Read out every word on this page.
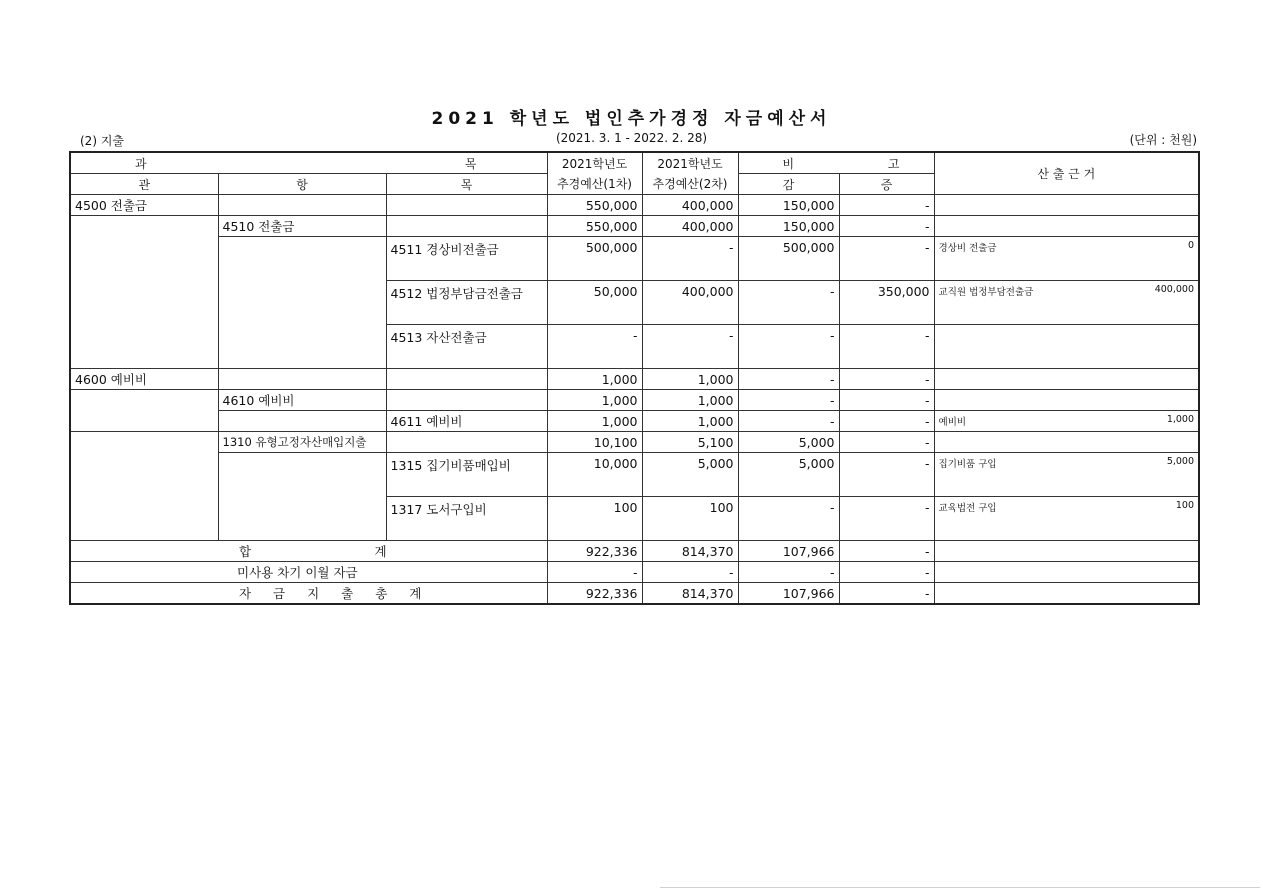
2021 학년도 법인추가경정 자금예산서
(2) 지출	(2021. 3. 1 - 2022. 2. 28)	(단위 : 천원)
과 목			2021학년도	2021학년도	비 고		산 출 근 거
관	항	목	추경예산(1차)	추경예산(2차)	감	증	
4500 전출금			550,000	400,000	150,000	-	
	4510 전출금		550,000	400,000	150,000	-	
		4511 경상비전출금	500,000	-	500,000	-	경상비 전출금 0

		4512 법정부담금전출금	50,000	400,000	-	350,000	교직원 법정부담전출금 400,000

		4513 자산전출금	-	-	-	-	
4600 예비비			1,000	1,000	-	-	
	4610 예비비		1,000	1,000	-	-	
		4611 예비비	1,000	1,000	-	-	예비비 1,000

	1310 유형고정자산매입지출		10,100	5,100	5,000	-	
		1315 집기비품매입비	10,000	5,000	5,000	-	집기비품 구입 5,000

		1317 도서구입비	100	100	-	-	교육법전 구입 100

합 계			922,336	814,370	107,966	-	
미사용 차기 이월 자금			-	-	-	-	
자 금 지 출 총 계			922,336	814,370	107,966	-	
